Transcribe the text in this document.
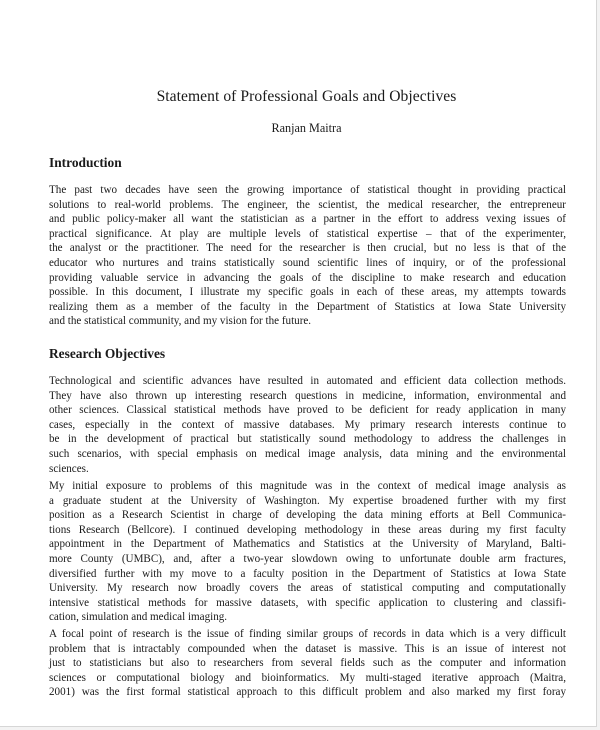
Statement of Professional Goals and Objectives
Ranjan Maitra
Introduction
The past two decades have seen the growing importance of statistical thought in providing practical
solutions to real-world problems. The engineer, the scientist, the medical researcher, the entrepreneur
and public policy-maker all want the statistician as a partner in the effort to address vexing issues of
practical significance. At play are multiple levels of statistical expertise – that of the experimenter,
the analyst or the practitioner. The need for the researcher is then crucial, but no less is that of the
educator who nurtures and trains statistically sound scientific lines of inquiry, or of the professional
providing valuable service in advancing the goals of the discipline to make research and education
possible. In this document, I illustrate my specific goals in each of these areas, my attempts towards
realizing them as a member of the faculty in the Department of Statistics at Iowa State University
and the statistical community, and my vision for the future.
Research Objectives
Technological and scientific advances have resulted in automated and efficient data collection methods.
They have also thrown up interesting research questions in medicine, information, environmental and
other sciences. Classical statistical methods have proved to be deficient for ready application in many
cases, especially in the context of massive databases. My primary research interests continue to
be in the development of practical but statistically sound methodology to address the challenges in
such scenarios, with special emphasis on medical image analysis, data mining and the environmental
sciences.
My initial exposure to problems of this magnitude was in the context of medical image analysis as
a graduate student at the University of Washington. My expertise broadened further with my first
position as a Research Scientist in charge of developing the data mining efforts at Bell Communica-
tions Research (Bellcore). I continued developing methodology in these areas during my first faculty
appointment in the Department of Mathematics and Statistics at the University of Maryland, Balti-
more County (UMBC), and, after a two-year slowdown owing to unfortunate double arm fractures,
diversified further with my move to a faculty position in the Department of Statistics at Iowa State
University. My research now broadly covers the areas of statistical computing and computationally
intensive statistical methods for massive datasets, with specific application to clustering and classifi-
cation, simulation and medical imaging.
A focal point of research is the issue of finding similar groups of records in data which is a very difficult
problem that is intractably compounded when the dataset is massive. This is an issue of interest not
just to statisticians but also to researchers from several fields such as the computer and information
sciences or computational biology and bioinformatics. My multi-staged iterative approach (Maitra,
2001) was the first formal statistical approach to this difficult problem and also marked my first foray
